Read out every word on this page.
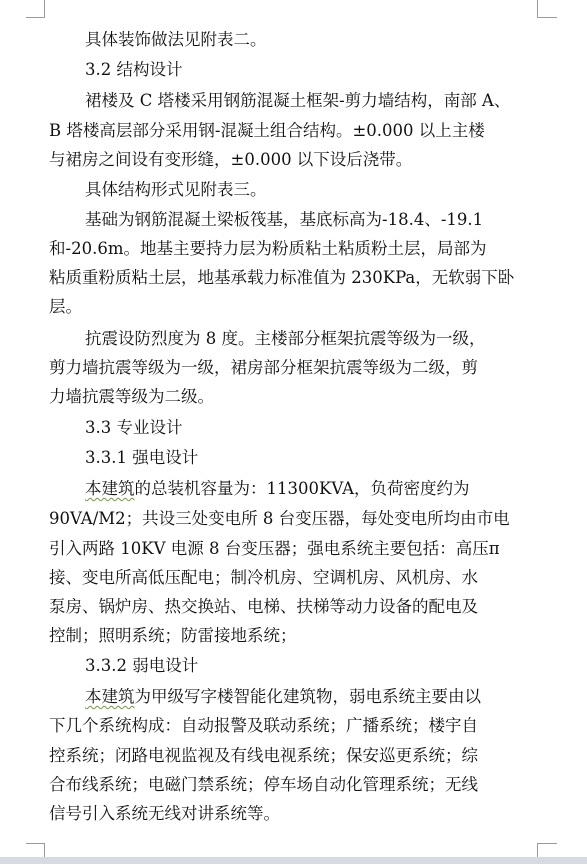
具体装饰做法见附表二。
3.2 结构设计
裙楼及 C 塔楼采用钢筋混凝土框架-剪力墙结构，南部 A、
B 塔楼高层部分采用钢-混凝土组合结构。±0.000 以上主楼
与裙房之间设有变形缝，±0.000 以下设后浇带。
具体结构形式见附表三。
基础为钢筋混凝土梁板筏基，基底标高为-18.4、-19.1
和-20.6m。地基主要持力层为粉质粘土粘质粉土层，局部为
粘质重粉质粘土层，地基承载力标准值为 230KPa，无软弱下卧
层。
抗震设防烈度为 8 度。主楼部分框架抗震等级为一级，
剪力墙抗震等级为一级，裙房部分框架抗震等级为二级，剪
力墙抗震等级为二级。
3.3 专业设计
3.3.1 强电设计
本建筑的总装机容量为：11300KVA，负荷密度约为
90VA/M2；共设三处变电所 8 台变压器，每处变电所均由市电
引入两路 10KV 电源 8 台变压器；强电系统主要包括：高压π
接、变电所高低压配电；制冷机房、空调机房、风机房、水
泵房、锅炉房、热交换站、电梯、扶梯等动力设备的配电及
控制；照明系统；防雷接地系统；
3.3.2 弱电设计
本建筑为甲级写字楼智能化建筑物，弱电系统主要由以
下几个系统构成：自动报警及联动系统；广播系统；楼宇自
控系统；闭路电视监视及有线电视系统；保安巡更系统；综
合布线系统；电磁门禁系统；停车场自动化管理系统；无线
信号引入系统无线对讲系统等。
